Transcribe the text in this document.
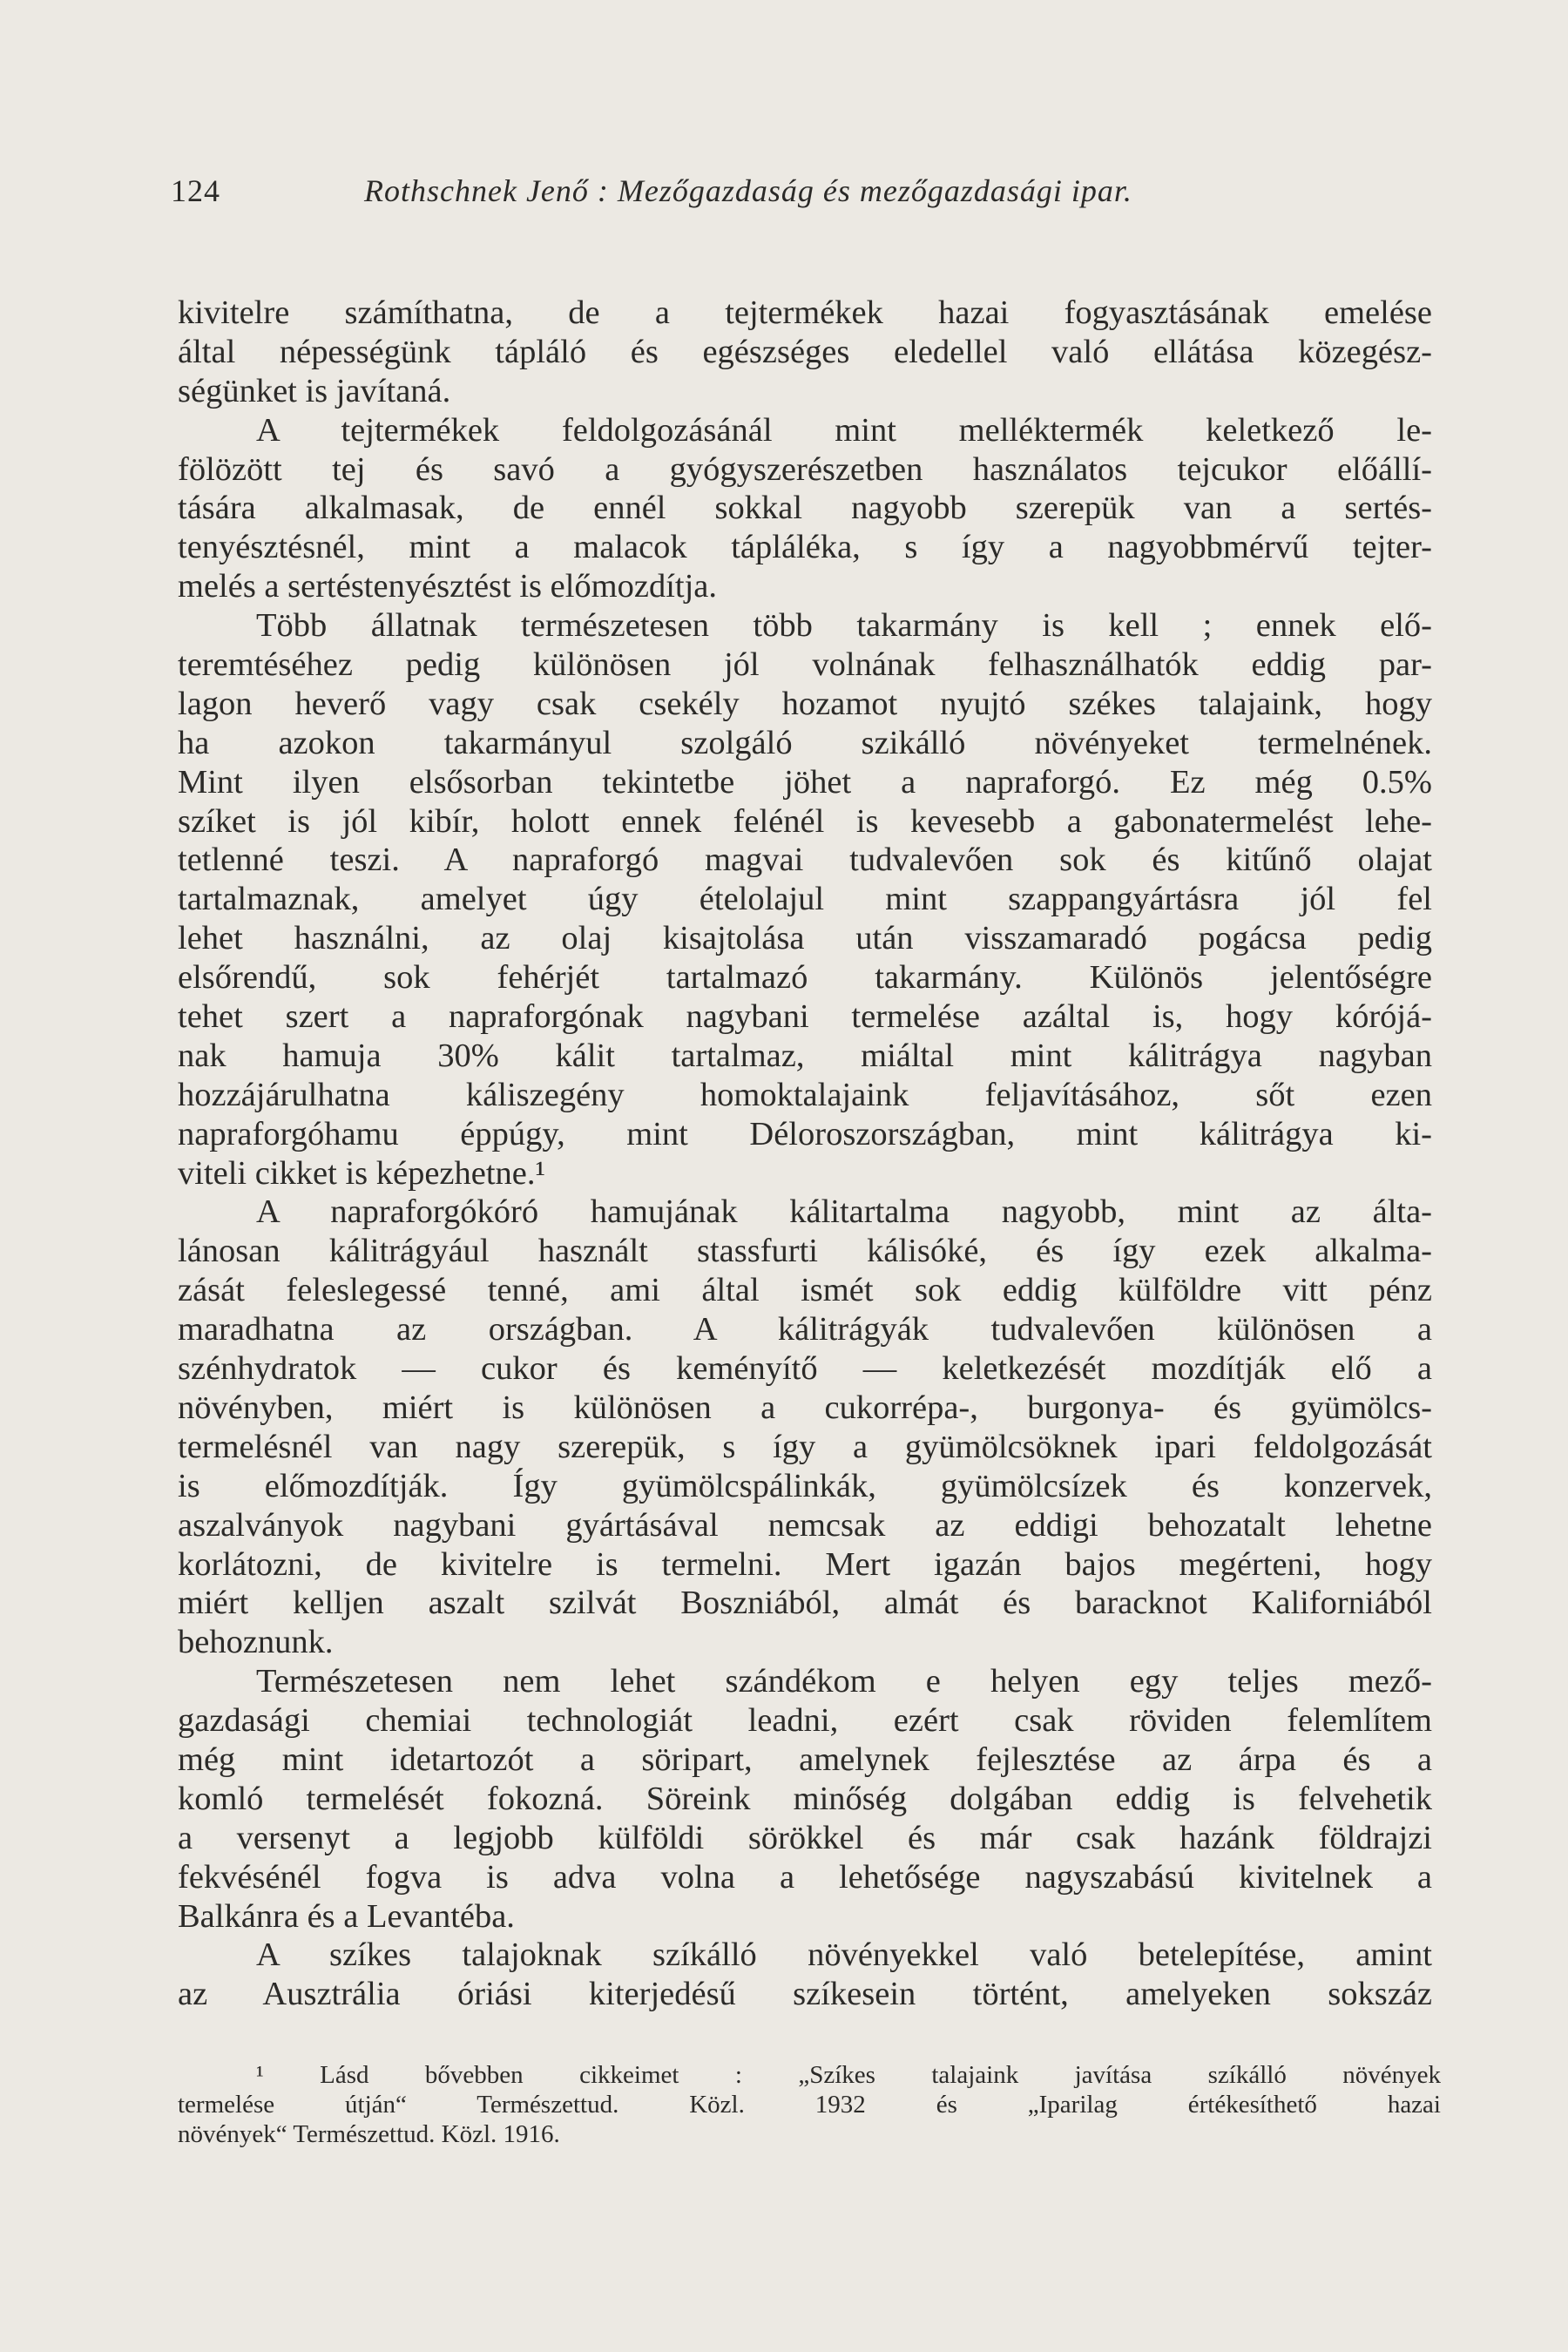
124	Rothschnek Jenő : Mezőgazdaság és mezőgazdasági ipar.
kivitelre számíthatna, de a tejtermékek hazai fogyasztásának emelése
által népességünk tápláló és egészséges eledellel való ellátása közegész-
ségünket is javítaná.
A tejtermékek feldolgozásánál mint melléktermék keletkező le-
fölözött tej és savó a gyógyszerészetben használatos tejcukor előállí-
tására alkalmasak, de ennél sokkal nagyobb szerepük van a sertés-
tenyésztésnél, mint a malacok tápláléka, s így a nagyobbmérvű tejter-
melés a sertéstenyésztést is előmozdítja.
Több állatnak természetesen több takarmány is kell ; ennek elő-
teremtéséhez pedig különösen jól volnának felhasználhatók eddig par-
lagon heverő vagy csak csekély hozamot nyujtó székes talajaink, hogy
ha azokon takarmányul szolgáló szikálló növényeket termelnének.
Mint ilyen elsősorban tekintetbe jöhet a napraforgó. Ez még 0.5%
szíket is jól kibír, holott ennek felénél is kevesebb a gabonatermelést lehe-
tetlenné teszi. A napraforgó magvai tudvalevően sok és kitűnő olajat
tartalmaznak, amelyet úgy ételolajul mint szappangyártásra jól fel
lehet használni, az olaj kisajtolása után visszamaradó pogácsa pedig
elsőrendű, sok fehérjét tartalmazó takarmány. Különös jelentőségre
tehet szert a napraforgónak nagybani termelése azáltal is, hogy kórójá-
nak hamuja 30% kálit tartalmaz, miáltal mint kálitrágya nagyban
hozzájárulhatna káliszegény homoktalajaink feljavításához, sőt ezen
napraforgóhamu éppúgy, mint Déloroszországban, mint kálitrágya ki-
viteli cikket is képezhetne.¹
A napraforgókóró hamujának kálitartalma nagyobb, mint az álta-
lánosan kálitrágyául használt stassfurti kálisóké, és így ezek alkalma-
zását feleslegessé tenné, ami által ismét sok eddig külföldre vitt pénz
maradhatna az országban. A kálitrágyák tudvalevően különösen a
szénhydratok — cukor és keményítő — keletkezését mozdítják elő a
növényben, miért is különösen a cukorrépa-, burgonya- és gyümölcs-
termelésnél van nagy szerepük, s így a gyümölcsöknek ipari feldolgozását
is előmozdítják. Így gyümölcspálinkák, gyümölcsízek és konzervek,
aszalványok nagybani gyártásával nemcsak az eddigi behozatalt lehetne
korlátozni, de kivitelre is termelni. Mert igazán bajos megérteni, hogy
miért kelljen aszalt szilvát Boszniából, almát és baracknot Kaliforniából
behoznunk.
Természetesen nem lehet szándékom e helyen egy teljes mező-
gazdasági chemiai technologiát leadni, ezért csak röviden felemlítem
még mint idetartozót a söripart, amelynek fejlesztése az árpa és a
komló termelését fokozná. Söreink minőség dolgában eddig is felvehetik
a versenyt a legjobb külföldi sörökkel és már csak hazánk földrajzi
fekvésénél fogva is adva volna a lehetősége nagyszabású kivitelnek a
Balkánra és a Levantéba.
A szíkes talajoknak szíkálló növényekkel való betelepítése, amint
az Ausztrália óriási kiterjedésű szíkesein történt, amelyeken sokszáz
¹ Lásd bővebben cikkeimet : „Szíkes talajaink javítása szíkálló növények
termelése útján“ Természettud. Közl. 1932 és „Iparilag értékesíthető hazai
növények“ Természettud. Közl. 1916.
